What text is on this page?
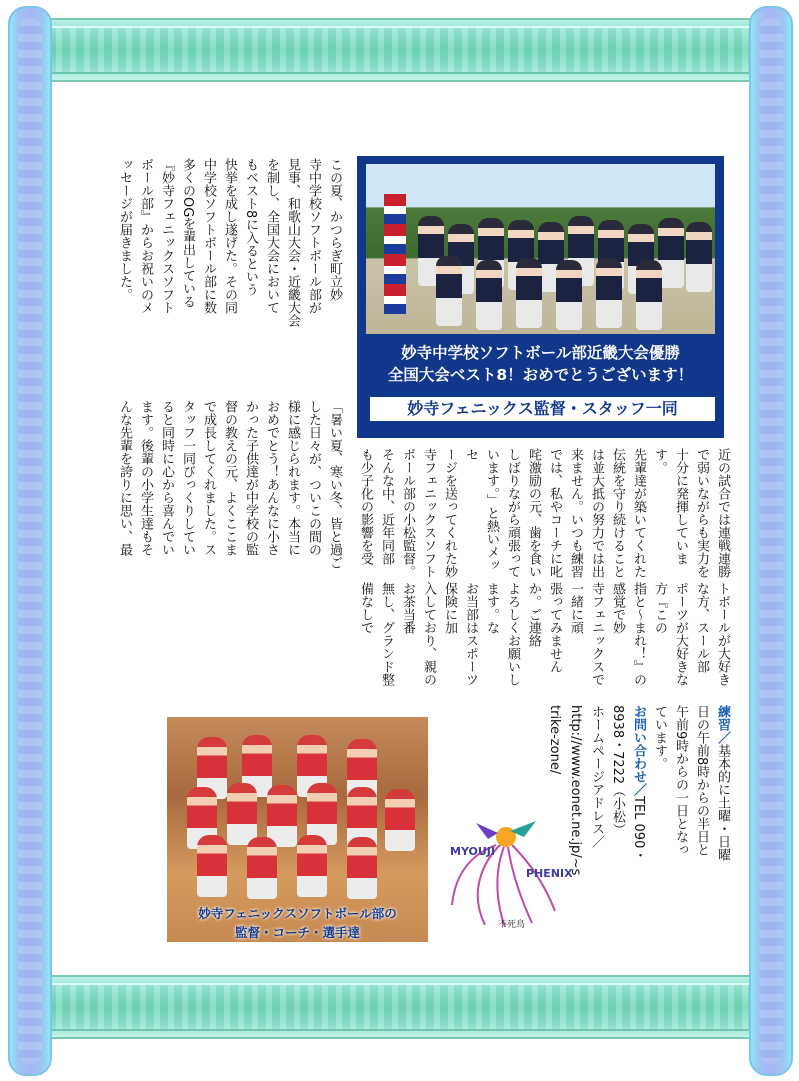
この夏、かつらぎ町立妙
寺中学校ソフトボール部が
見事、和歌山大会・近畿大会
を制し、全国大会において
もベスト8に入るという
快挙を成し遂げた。その同
中学校ソフトボール部に数
多くのOGを輩出している
『妙寺フェニックスソフト
ボール部』からお祝いのメ
ッセージが届きました。
「暑い夏、寒い冬、皆と過ご
した日々が、ついこの間の
様に感じられます。本当に
おめでとう！あんなに小さ
かった子供達が中学校の監
督の教えの元、よくここま
で成長してくれました。ス
タッフ一同びっくりしてい
ると同時に心から喜んでい
ます。後輩の小学生達もそ
んな先輩を誇りに思い、最
妙寺中学校ソフトボール部近畿大会優勝
全国大会ベスト8！おめでとうございます！
妙寺フェニックス監督・スタッフ一同
近の試合では連戦連勝
で弱いながらも実力を
十分に発揮しています。
先輩達が築いてくれた
伝統を守り続けること
は並大抵の努力では出
来ません。いつも練習
では、私やコーチに叱
咤激励の元、歯を食い
しばりながら頑張って
います。」と熱いメッセ
ージを送ってくれた妙
寺フェニックスソフト
ボール部の小松監督。
そんな中、近年同部
も少子化の影響を受
トボールが大好きな方、スール部
ポーツが大好きな方『この
指と～まれ！』の感覚で妙
寺フェニックスで一緒に頑
張ってみませんか。ご連絡
よろしくお願いします。な
お当部はスポーツ保険に加
入しており、親のお茶当番
無し、グランド整備なしで
練習／基本的に土曜・日曜
日の午前8時からの半日と
午前9時からの一日となっ
ています。
お問い合わせ／TEL 090・
8938・7222（小松）
ホームページアドレス／
http://www.eonet.ne.jp/~s
trike-zone/
妙寺フェニックスソフトボール部の
監督・コーチ・選手達
MYOUJI
PHENIX
不死鳥
